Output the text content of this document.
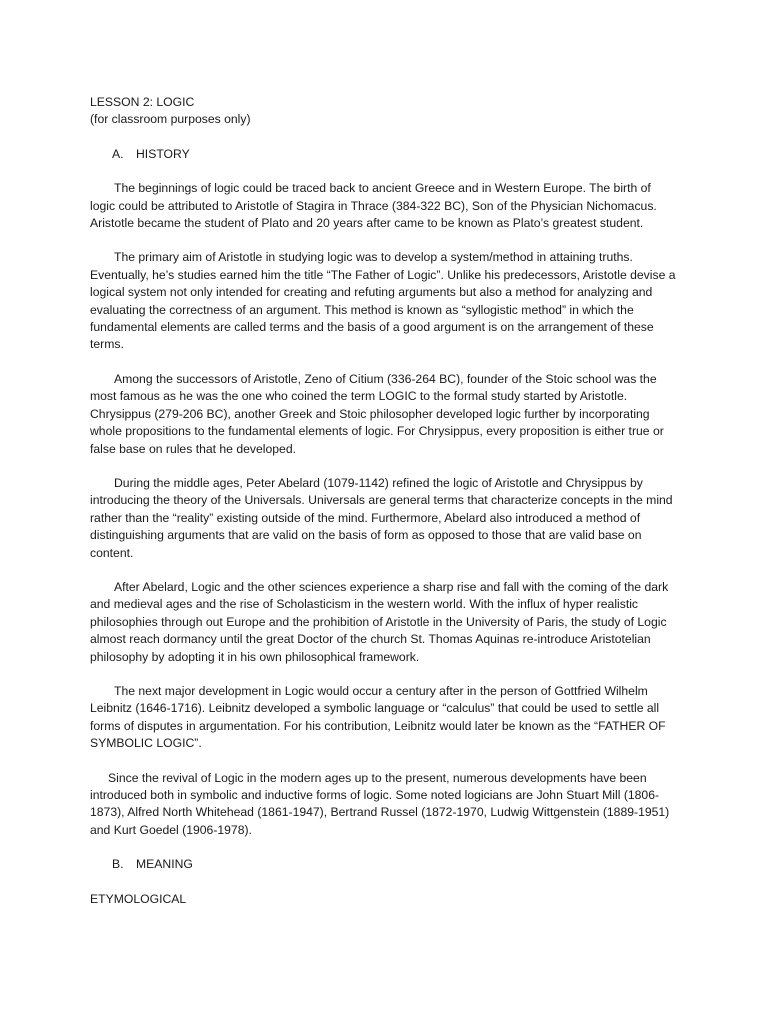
LESSON 2: LOGIC

(for classroom purposes only)

A. HISTORY

The beginnings of logic could be traced back to ancient Greece and in Western Europe. The birth of logic could be attributed to Aristotle of Stagira in Thrace (384-322 BC), Son of the Physician Nichomacus. Aristotle became the student of Plato and 20 years after came to be known as Plato’s greatest student.

The primary aim of Aristotle in studying logic was to develop a system/method in attaining truths. Eventually, he’s studies earned him the title “The Father of Logic”. Unlike his predecessors, Aristotle devise a logical system not only intended for creating and refuting arguments but also a method for analyzing and evaluating the correctness of an argument. This method is known as “syllogistic method” in which the fundamental elements are called terms and the basis of a good argument is on the arrangement of these terms.

Among the successors of Aristotle, Zeno of Citium (336-264 BC), founder of the Stoic school was the most famous as he was the one who coined the term LOGIC to the formal study started by Aristotle. Chrysippus (279-206 BC), another Greek and Stoic philosopher developed logic further by incorporating whole propositions to the fundamental elements of logic. For Chrysippus, every proposition is either true or false base on rules that he developed.

During the middle ages, Peter Abelard (1079-1142) refined the logic of Aristotle and Chrysippus by introducing the theory of the Universals. Universals are general terms that characterize concepts in the mind rather than the “reality” existing outside of the mind. Furthermore, Abelard also introduced a method of distinguishing arguments that are valid on the basis of form as opposed to those that are valid base on content.

After Abelard, Logic and the other sciences experience a sharp rise and fall with the coming of the dark and medieval ages and the rise of Scholasticism in the western world. With the influx of hyper realistic philosophies through out Europe and the prohibition of Aristotle in the University of Paris, the study of Logic almost reach dormancy until the great Doctor of the church St. Thomas Aquinas re-introduce Aristotelian philosophy by adopting it in his own philosophical framework.

The next major development in Logic would occur a century after in the person of Gottfried Wilhelm Leibnitz (1646-1716). Leibnitz developed a symbolic language or “calculus” that could be used to settle all forms of disputes in argumentation. For his contribution, Leibnitz would later be known as the “FATHER OF SYMBOLIC LOGIC”.

Since the revival of Logic in the modern ages up to the present, numerous developments have been introduced both in symbolic and inductive forms of logic. Some noted logicians are John Stuart Mill (1806-1873), Alfred North Whitehead (1861-1947), Bertrand Russel (1872-1970, Ludwig Wittgenstein (1889-1951) and Kurt Goedel (1906-1978).

B. MEANING

ETYMOLOGICAL
